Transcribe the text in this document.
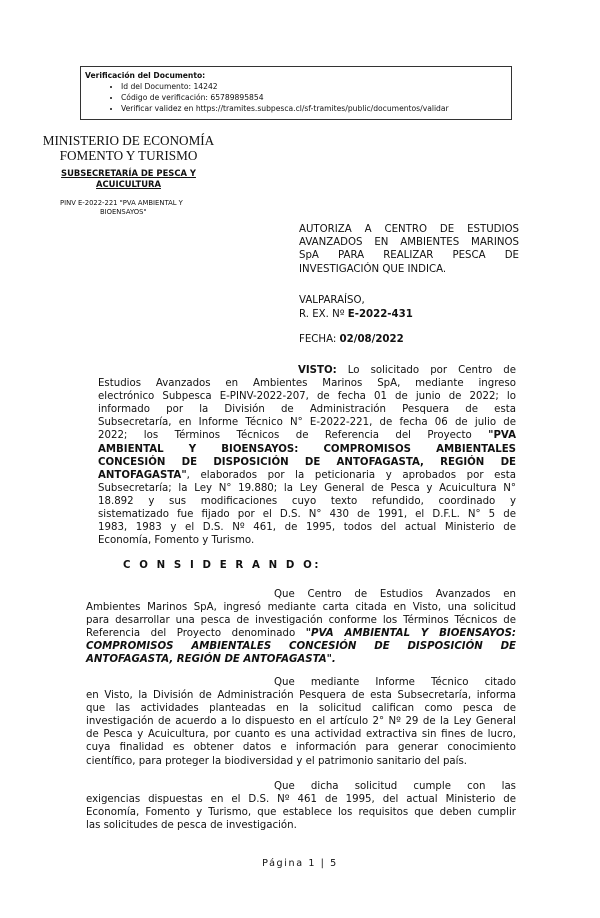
Verificación del Documento:
• Id del Documento: 14242
• Código de verificación: 65789895854
• Verificar validez en https://tramites.subpesca.cl/sf-tramites/public/documentos/validar
MINISTERIO DE ECONOMÍA
FOMENTO Y TURISMO
SUBSECRETARÍA DE PESCA Y
ACUICULTURA
PINV E-2022-221 "PVA AMBIENTAL Y
BIOENSAYOS"
AUTORIZA A CENTRO DE ESTUDIOS
AVANZADOS EN AMBIENTES MARINOS
SpA PARA REALIZAR PESCA DE
INVESTIGACIÓN QUE INDICA.
VALPARAÍSO,
R. EX. Nº E-2022-431
FECHA: 02/08/2022
VISTO: Lo solicitado por Centro de
Estudios Avanzados en Ambientes Marinos SpA, mediante ingreso
electrónico Subpesca E-PINV-2022-207, de fecha 01 de junio de 2022; lo
informado por la División de Administración Pesquera de esta
Subsecretaría, en Informe Técnico N° E-2022-221, de fecha 06 de julio de
2022; los Términos Técnicos de Referencia del Proyecto "PVA
AMBIENTAL Y BIOENSAYOS: COMPROMISOS AMBIENTALES
CONCESIÓN DE DISPOSICIÓN DE ANTOFAGASTA, REGIÓN DE
ANTOFAGASTA", elaborados por la peticionaria y aprobados por esta
Subsecretaría; la Ley N° 19.880; la Ley General de Pesca y Acuicultura N°
18.892 y sus modificaciones cuyo texto refundido, coordinado y
sistematizado fue fijado por el D.S. N° 430 de 1991, el D.F.L. N° 5 de
1983, 1983 y el D.S. Nº 461, de 1995, todos del actual Ministerio de
Economía, Fomento y Turismo.
C O N S I D E R A N D O:
Que Centro de Estudios Avanzados en
Ambientes Marinos SpA, ingresó mediante carta citada en Visto, una solicitud
para desarrollar una pesca de investigación conforme los Términos Técnicos de
Referencia del Proyecto denominado "PVA AMBIENTAL Y BIOENSAYOS:
COMPROMISOS AMBIENTALES CONCESIÓN DE DISPOSICIÓN DE
ANTOFAGASTA, REGIÓN DE ANTOFAGASTA".
Que mediante Informe Técnico citado
en Visto, la División de Administración Pesquera de esta Subsecretaría, informa
que las actividades planteadas en la solicitud califican como pesca de
investigación de acuerdo a lo dispuesto en el artículo 2° Nº 29 de la Ley General
de Pesca y Acuicultura, por cuanto es una actividad extractiva sin fines de lucro,
cuya finalidad es obtener datos e información para generar conocimiento
científico, para proteger la biodiversidad y el patrimonio sanitario del país.
Que dicha solicitud cumple con las
exigencias dispuestas en el D.S. Nº 461 de 1995, del actual Ministerio de
Economía, Fomento y Turismo, que establece los requisitos que deben cumplir
las solicitudes de pesca de investigación.
Página 1 | 5
